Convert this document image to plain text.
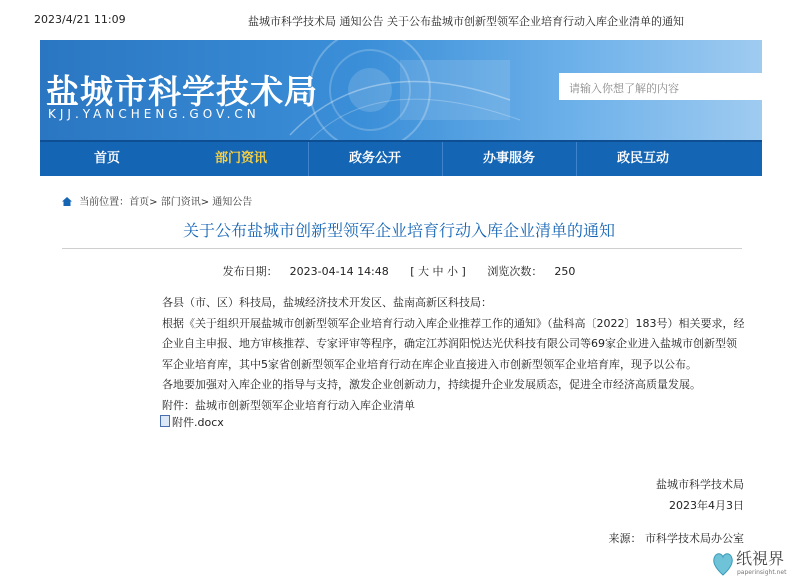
2023/4/21 11:09	盐城市科学技术局 通知公告 关于公布盐城市创新型领军企业培育行动入库企业清单的通知
盐城市科学技术局
KJJ.YANCHENG.GOV.CN
请输入你想了解的内容
首页	部门资讯	政务公开	办事服务	政民互动
当前位置：首页> 部门资讯> 通知公告
关于公布盐城市创新型领军企业培育行动入库企业清单的通知
发布日期： 2023-04-14 14:48 [ 大 中 小 ] 浏览次数： 250

各县（市、区）科技局，盐城经济技术开发区、盐南高新区科技局：

根据《关于组织开展盐城市创新型领军企业培育行动入库企业推荐工作的通知》（盐科高〔2022〕183号）相关要求，经企业自主申报、地方审核推荐、专家评审等程序，确定江苏润阳悦达光伏科技有限公司等69家企业进入盐城市创新型领军企业培育库，其中5家省创新型领军企业培育行动在库企业直接进入市创新型领军企业培育库，现予以公布。

各地要加强对入库企业的指导与支持，激发企业创新动力，持续提升企业发展质态，促进全市经济高质量发展。

附件：盐城市创新型领军企业培育行动入库企业清单

附件.docx
盐城市科学技术局
2023年4月3日
来源： 市科学技术局办公室
纸視界
paperinsight.net
